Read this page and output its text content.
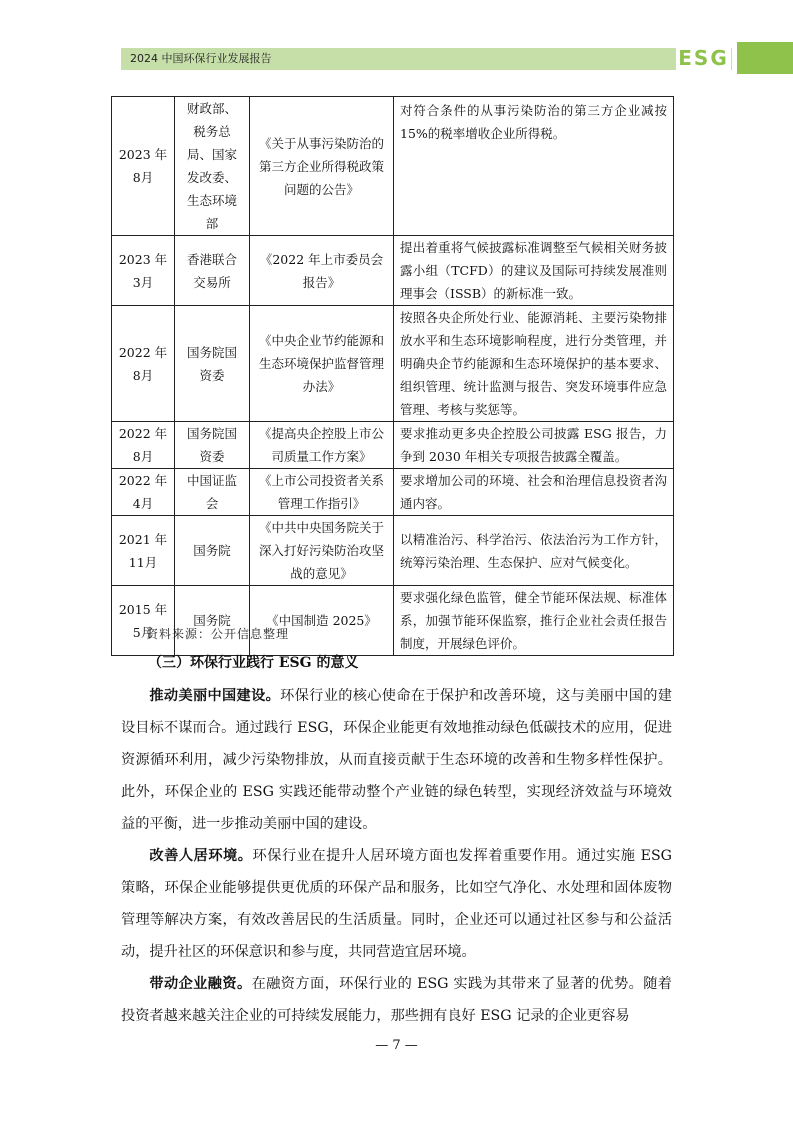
2024 中国环保行业发展报告	ESG
2023 年 8月	财政部、税务总局、国家发改委、生态环境部	《关于从事污染防治的第三方企业所得税政策问题的公告》	对符合条件的从事污染防治的第三方企业减按 15%的税率增收企业所得税。
2023 年 3月	香港联合交易所	《2022 年上市委员会报告》	提出着重将气候披露标准调整至气候相关财务披露小组（TCFD）的建议及国际可持续发展准则理事会（ISSB）的新标准一致。
2022 年 8月	国务院国资委	《中央企业节约能源和生态环境保护监督管理办法》	按照各央企所处行业、能源消耗、主要污染物排放水平和生态环境影响程度，进行分类管理，并明确央企节约能源和生态环境保护的基本要求、组织管理、统计监测与报告、突发环境事件应急管理、考核与奖惩等。
2022 年 8月	国务院国资委	《提高央企控股上市公司质量工作方案》	要求推动更多央企控股公司披露 ESG 报告，力争到 2030 年相关专项报告披露全覆盖。
2022 年 4月	中国证监会	《上市公司投资者关系管理工作指引》	要求增加公司的环境、社会和治理信息投资者沟通内容。
2021 年 11月	国务院	《中共中央国务院关于深入打好污染防治攻坚战的意见》	以精准治污、科学治污、依法治污为工作方针，统筹污染治理、生态保护、应对气候变化。
2015 年 5月	国务院	《中国制造 2025》	要求强化绿色监管，健全节能环保法规、标准体系，加强节能环保监察，推行企业社会责任报告制度，开展绿色评价。
资料来源：公开信息整理
（三）环保行业践行 ESG 的意义

推动美丽中国建设。环保行业的核心使命在于保护和改善环境，这与美丽中国的建设目标不谋而合。通过践行 ESG，环保企业能更有效地推动绿色低碳技术的应用，促进资源循环利用，减少污染物排放，从而直接贡献于生态环境的改善和生物多样性保护。此外，环保企业的 ESG 实践还能带动整个产业链的绿色转型，实现经济效益与环境效益的平衡，进一步推动美丽中国的建设。

改善人居环境。环保行业在提升人居环境方面也发挥着重要作用。通过实施 ESG 策略，环保企业能够提供更优质的环保产品和服务，比如空气净化、水处理和固体废物管理等解决方案，有效改善居民的生活质量。同时，企业还可以通过社区参与和公益活动，提升社区的环保意识和参与度，共同营造宜居环境。

带动企业融资。在融资方面，环保行业的 ESG 实践为其带来了显著的优势。随着投资者越来越关注企业的可持续发展能力，那些拥有良好 ESG 记录的企业更容易

— 7 —
